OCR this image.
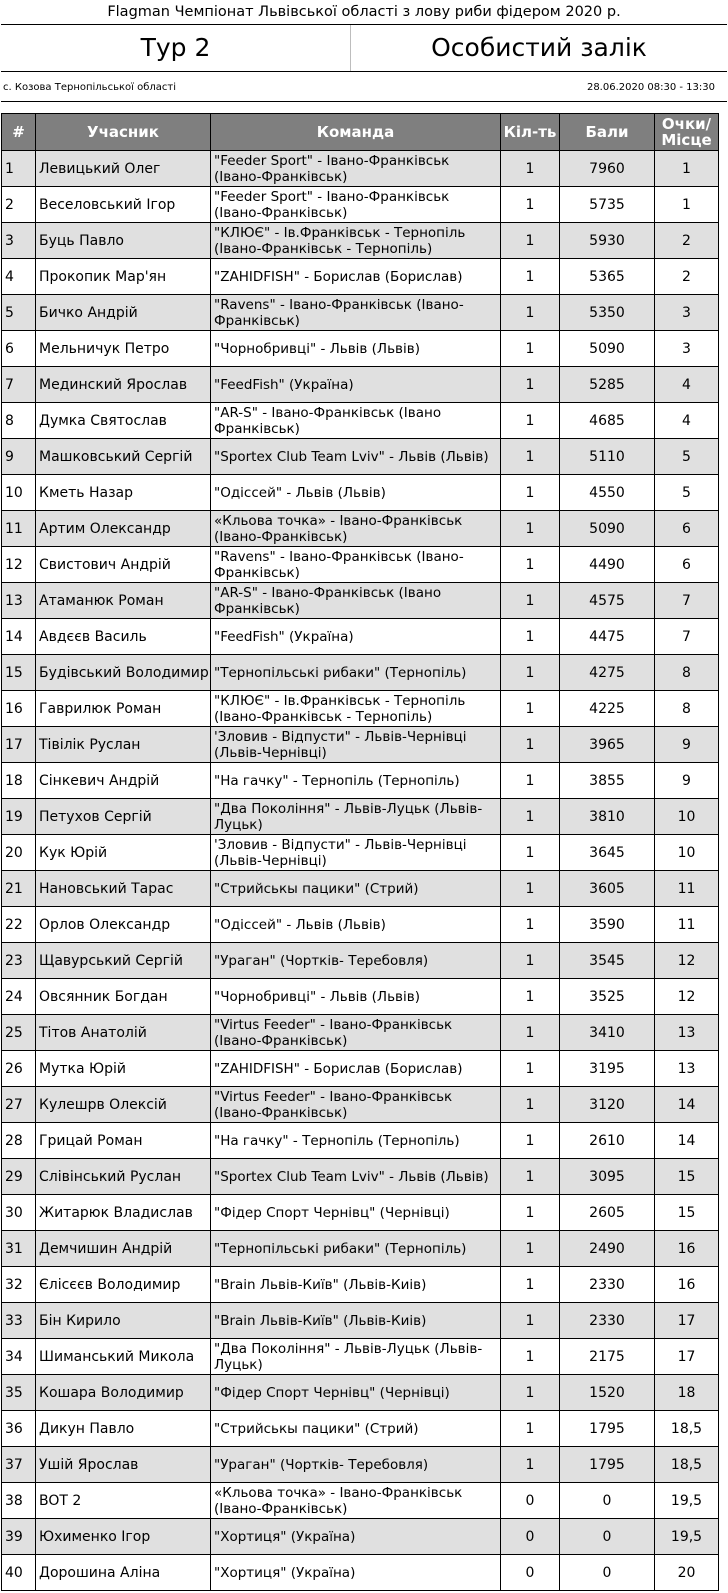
Flagman Чемпіонат Львівської області з лову риби фідером 2020 р.
Тур 2	Особистий залік
с. Козова Тернопільської області	28.06.2020 08:30 - 13:30
#	Учасник	Команда	Кіл-ть	Бали	Очки/Місце
1	Левицький Олег	"Feeder Sport" - Івано-Франківськ (Івано-Франківськ)	1	7960	1
2	Веселовський Ігор	"Feeder Sport" - Івано-Франківськ (Івано-Франківськ)	1	5735	1
3	Буць Павло	"КЛЮЄ" - Ів.Франківськ - Тернопіль (Івано-Франківськ - Тернопіль)	1	5930	2
4	Прокопик Мар'ян	"ZAHIDFISH" - Борислав (Борислав)	1	5365	2
5	Бичко Андрій	"Ravens" - Івано-Франківськ (Івано-Франківськ)	1	5350	3
6	Мельничук Петро	"Чорнобривці" - Львів (Львів)	1	5090	3
7	Мединский Ярослав	"FeedFish" (Україна)	1	5285	4
8	Думка Святослав	"AR-S" - Івано-Франківськ (Івано Франківськ)	1	4685	4
9	Машковський Сергій	"Sportex Club Team Lviv" - Львів (Львів)	1	5110	5
10	Кметь Назар	"Одіссей" - Львів (Львів)	1	4550	5
11	Артим Олександр	«Кльова точка» - Івано-Франківськ (Івано-Франківськ)	1	5090	6
12	Свистович Андрій	"Ravens" - Івано-Франківськ (Івано-Франківськ)	1	4490	6
13	Атаманюк Роман	"AR-S" - Івано-Франківськ (Івано Франківськ)	1	4575	7
14	Авдєєв Василь	"FeedFish" (Україна)	1	4475	7
15	Будівський Володимир	"Тернопільські рибаки" (Тернопіль)	1	4275	8
16	Гаврилюк Роман	"КЛЮЄ" - Ів.Франківськ - Тернопіль (Івано-Франківськ - Тернопіль)	1	4225	8
17	Тівілік Руслан	'Зловив - Відпусти" - Львів-Чернівці (Львів-Чернівці)	1	3965	9
18	Сінкевич Андрій	"На гачку" - Тернопіль (Тернопіль)	1	3855	9
19	Петухов Сергій	"Два Покоління" - Львів-Луцьк (Львів-Луцьк)	1	3810	10
20	Кук Юрій	'Зловив - Відпусти" - Львів-Чернівці (Львів-Чернівці)	1	3645	10
21	Нановський Тарас	"Стрийськы пацики" (Стрий)	1	3605	11
22	Орлов Олександр	"Одіссей" - Львів (Львів)	1	3590	11
23	Щавурський Сергій	"Ураган" (Чортків- Теребовля)	1	3545	12
24	Овсянник Богдан	"Чорнобривці" - Львів (Львів)	1	3525	12
25	Тітов Анатолій	"Virtus Feeder" - Івано-Франківськ (Івано-Франківськ)	1	3410	13
26	Мутка Юрій	"ZAHIDFISH" - Борислав (Борислав)	1	3195	13
27	Кулешрв Олексій	"Virtus Feeder" - Івано-Франківськ (Івано-Франківськ)	1	3120	14
28	Грицай Роман	"На гачку" - Тернопіль (Тернопіль)	1	2610	14
29	Слівінський Руслан	"Sportex Club Team Lviv" - Львів (Львів)	1	3095	15
30	Житарюк Владислав	"Фідер Спорт Чернівц" (Чернівці)	1	2605	15
31	Демчишин Андрій	"Тернопільські рибаки" (Тернопіль)	1	2490	16
32	Єлісєєв Володимир	"Brain Львів-Київ" (Львів-Киів)	1	2330	16
33	Бін Кирило	"Brain Львів-Київ" (Львів-Киів)	1	2330	17
34	Шиманський Микола	"Два Покоління" - Львів-Луцьк (Львів-Луцьк)	1	2175	17
35	Кошара Володимир	"Фідер Спорт Чернівц" (Чернівці)	1	1520	18
36	Дикун Павло	"Стрийськы пацики" (Стрий)	1	1795	18,5
37	Ушій Ярослав	"Ураган" (Чортків- Теребовля)	1	1795	18,5
38	BOT 2	«Кльова точка» - Івано-Франківськ (Івано-Франківськ)	0	0	19,5
39	Юхименко Ігор	"Хортиця" (Україна)	0	0	19,5
40	Дорошина Аліна	"Хортиця" (Україна)	0	0	20
